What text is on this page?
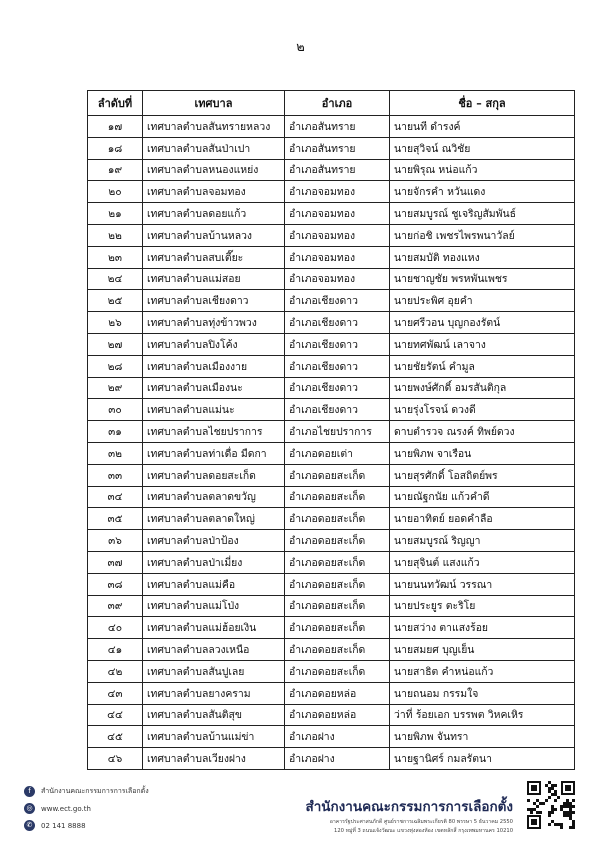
๒
ลำดับที่	เทศบาล	อำเภอ	ชื่อ – สกุล
๑๗	เทศบาลตำบลสันทรายหลวง	อำเภอสันทราย	นายนที ดำรงค์
๑๘	เทศบาลตำบลสันป่าเปา	อำเภอสันทราย	นายสุวิจน์ ณวิชัย
๑๙	เทศบาลตำบลหนองแหย่ง	อำเภอสันทราย	นายพิรุณ หน่อแก้ว
๒๐	เทศบาลตำบลจอมทอง	อำเภอจอมทอง	นายจักรคำ หวันแดง
๒๑	เทศบาลตำบลดอยแก้ว	อำเภอจอมทอง	นายสมบูรณ์ ชูเจริญสัมพันธ์
๒๒	เทศบาลตำบลบ้านหลวง	อำเภอจอมทอง	นายก่อชิ เพชรไพรพนาวัลย์
๒๓	เทศบาลตำบลสบเตี๊ยะ	อำเภอจอมทอง	นายสมบัติ ทองแหง
๒๔	เทศบาลตำบลแม่สอย	อำเภอจอมทอง	นายชาญชัย พรหพันเพชร
๒๕	เทศบาลตำบลเชียงดาว	อำเภอเชียงดาว	นายประพิศ อุยคำ
๒๖	เทศบาลตำบลทุ่งข้าวพวง	อำเภอเชียงดาว	นายศรีวอน บุญกองรัตน์
๒๗	เทศบาลตำบลปิงโค้ง	อำเภอเชียงดาว	นายทศพัฒน์ เลาจาง
๒๘	เทศบาลตำบลเมืองงาย	อำเภอเชียงดาว	นายชัยรัตน์ คำมูล
๒๙	เทศบาลตำบลเมืองนะ	อำเภอเชียงดาว	นายพงษ์ศักดิ์ อมรสันติกุล
๓๐	เทศบาลตำบลแม่นะ	อำเภอเชียงดาว	นายรุ่งโรจน์ ดวงดี
๓๑	เทศบาลตำบลไชยปราการ	อำเภอไชยปราการ	ดาบตำรวจ ณรงค์ ทิพย์ดวง
๓๒	เทศบาลตำบลท่าเดื่อ มืดกา	อำเภอดอยเต่า	นายพิภพ จาเรือน
๓๓	เทศบาลตำบลดอยสะเก็ด	อำเภอดอยสะเก็ด	นายสุรศักดิ์ โอสถิตย์พร
๓๔	เทศบาลตำบลตลาดขวัญ	อำเภอดอยสะเก็ด	นายณัฐกนัย แก้วคำดี
๓๕	เทศบาลตำบลตลาดใหญ่	อำเภอดอยสะเก็ด	นายอาทิตย์ ยอดคำลือ
๓๖	เทศบาลตำบลป่าป้อง	อำเภอดอยสะเก็ด	นายสมบูรณ์ ริญญา
๓๗	เทศบาลตำบลป่าเมี่ยง	อำเภอดอยสะเก็ด	นายสุจินต์ แสงแก้ว
๓๘	เทศบาลตำบลแม่คือ	อำเภอดอยสะเก็ด	นายนนทวัฒน์ วรรณา
๓๙	เทศบาลตำบลแม่โป่ง	อำเภอดอยสะเก็ด	นายประยูร ตะริโย
๔๐	เทศบาลตำบลแม่ฮ้อยเงิน	อำเภอดอยสะเก็ด	นายสว่าง ตาแสงร้อย
๔๑	เทศบาลตำบลลวงเหนือ	อำเภอดอยสะเก็ด	นายสมยศ บุญเย็น
๔๒	เทศบาลตำบลสันปูเลย	อำเภอดอยสะเก็ด	นายสาธิต คำหน่อแก้ว
๔๓	เทศบาลตำบลยางคราม	อำเภอดอยหล่อ	นายถนอม กรรมใจ
๔๔	เทศบาลตำบลสันติสุข	อำเภอดอยหล่อ	ว่าที่ ร้อยเอก บรรพต วิหคเหิร
๔๕	เทศบาลตำบลบ้านแม่ข่า	อำเภอฝาง	นายพิภพ จันทรา
๔๖	เทศบาลตำบลเวียงฝาง	อำเภอฝาง	นายฐานิศร์ กมลรัตนา
f	สำนักงานคณะกรรมการการเลือกตั้ง
◎	www.ect.go.th
✆	02 141 8888
สำนักงานคณะกรรมการการเลือกตั้ง
อาคารรัฐประศาสนภักดี ศูนย์ราชการเฉลิมพระเกียรติ 80 พรรษา 5 ธันวาคม 2550
120 หมู่ที่ 3 ถนนแจ้งวัฒนะ แขวงทุ่งสองห้อง เขตหลักสี่ กรุงเทพมหานคร 10210
